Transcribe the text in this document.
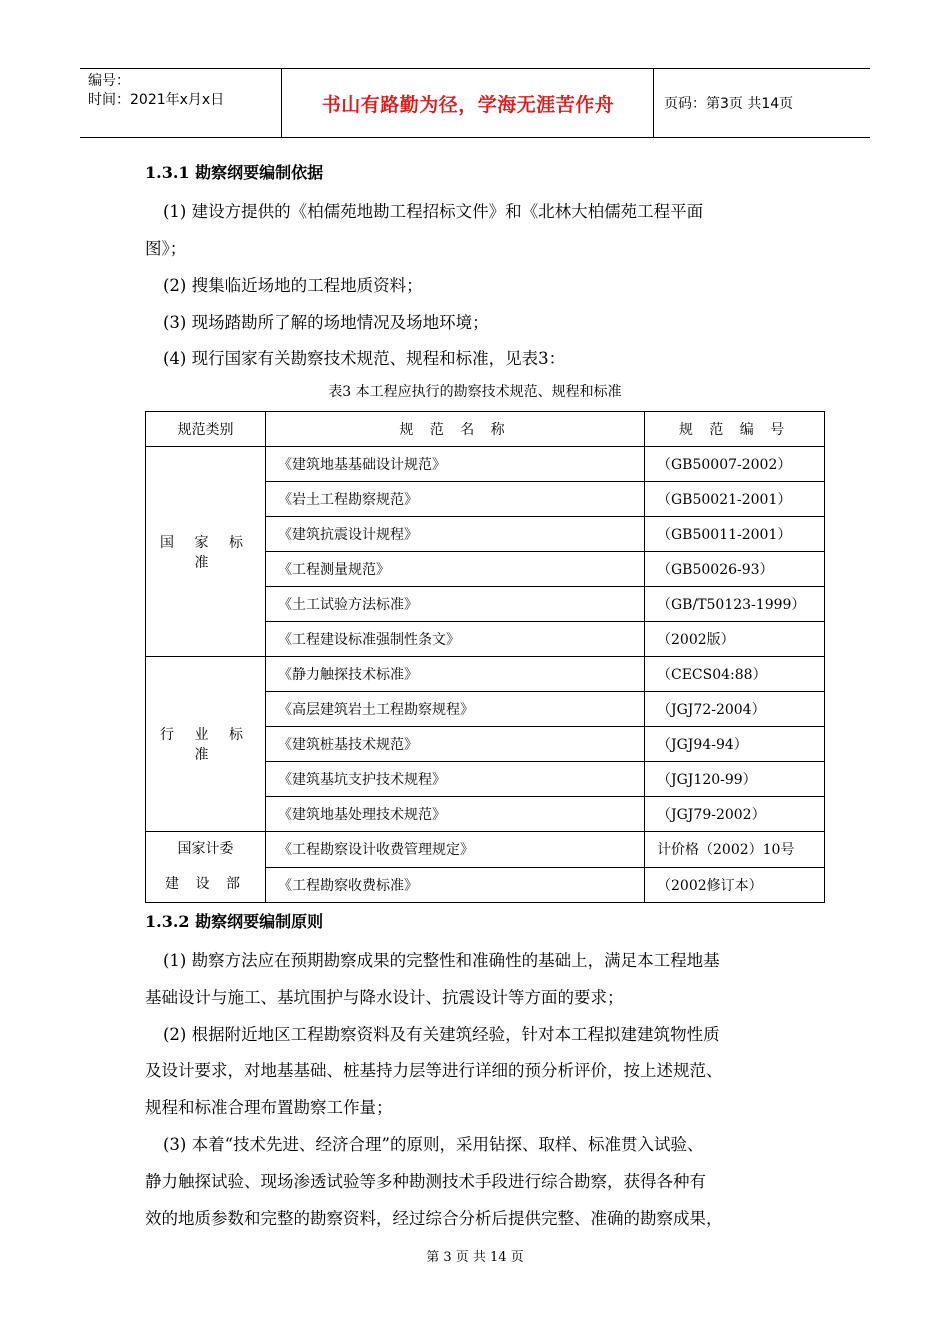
编号：
时间：2021年x月x日	书山有路勤为径，学海无涯苦作舟	页码：第3页 共14页
1.3.1 勘察纲要编制依据
(1) 建设方提供的《柏儒苑地勘工程招标文件》和《北林大柏儒苑工程平面
图》；
(2) 搜集临近场地的工程地质资料；
(3) 现场踏勘所了解的场地情况及场地环境；
(4) 现行国家有关勘察技术规范、规程和标准，见表3：
表3 本工程应执行的勘察技术规范、规程和标准
规范类别	规 范 名 称	规 范 编 号
国 家 标 准	《建筑地基基础设计规范》	（GB50007-2002）
	《岩土工程勘察规范》	（GB50021-2001）
	《建筑抗震设计规程》	（GB50011-2001）
	《工程测量规范》	（GB50026-93）
	《土工试验方法标准》	（GB/T50123-1999）
	《工程建设标准强制性条文》	（2002版）
行 业 标 准	《静力触探技术标准》	（CECS04:88）
	《高层建筑岩土工程勘察规程》	（JGJ72-2004）
	《建筑桩基技术规范》	（JGJ94-94）
	《建筑基坑支护技术规程》	（JGJ120-99）
	《建筑地基处理技术规范》	（JGJ79-2002）

国家计委
建 设 部	《工程勘察设计收费管理规定》	计价格（2002）10号
	《工程勘察收费标准》	（2002修订本）
1.3.2 勘察纲要编制原则
(1) 勘察方法应在预期勘察成果的完整性和准确性的基础上，满足本工程地基
基础设计与施工、基坑围护与降水设计、抗震设计等方面的要求；
(2) 根据附近地区工程勘察资料及有关建筑经验，针对本工程拟建建筑物性质
及设计要求，对地基基础、桩基持力层等进行详细的预分析评价，按上述规范、
规程和标准合理布置勘察工作量；
(3) 本着“技术先进、经济合理”的原则，采用钻探、取样、标准贯入试验、
静力触探试验、现场渗透试验等多种勘测技术手段进行综合勘察，获得各种有
效的地质参数和完整的勘察资料，经过综合分析后提供完整、准确的勘察成果，
第 3 页 共 14 页
